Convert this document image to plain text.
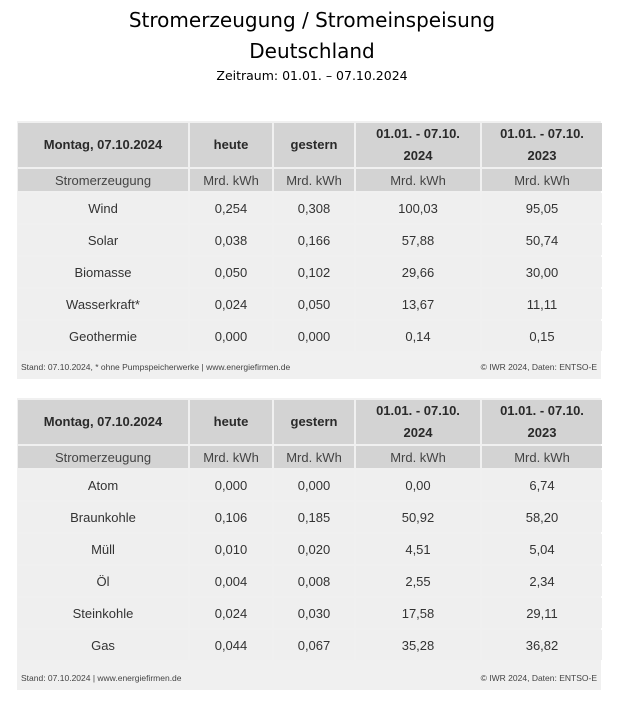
Stromerzeugung / Stromeinspeisung
Deutschland
Zeitraum: 01.01. – 07.10.2024
Montag, 07.10.2024	heute	gestern	01.01. - 07.10. 2024	01.01. - 07.10. 2023
Stromerzeugung	Mrd. kWh	Mrd. kWh	Mrd. kWh	Mrd. kWh
Wind	0,254	0,308	100,03	95,05
Solar	0,038	0,166	57,88	50,74
Biomasse	0,050	0,102	29,66	30,00
Wasserkraft*	0,024	0,050	13,67	11,11
Geothermie	0,000	0,000	0,14	0,15
Stand: 07.10.2024, * ohne Pumpspeicherwerke | www.energiefirmen.de	© IWR 2024, Daten: ENTSO-E
Montag, 07.10.2024	heute	gestern	01.01. - 07.10. 2024	01.01. - 07.10. 2023
Stromerzeugung	Mrd. kWh	Mrd. kWh	Mrd. kWh	Mrd. kWh
Atom	0,000	0,000	0,00	6,74
Braunkohle	0,106	0,185	50,92	58,20
Müll	0,010	0,020	4,51	5,04
Öl	0,004	0,008	2,55	2,34
Steinkohle	0,024	0,030	17,58	29,11
Gas	0,044	0,067	35,28	36,82
Stand: 07.10.2024 | www.energiefirmen.de	© IWR 2024, Daten: ENTSO-E
